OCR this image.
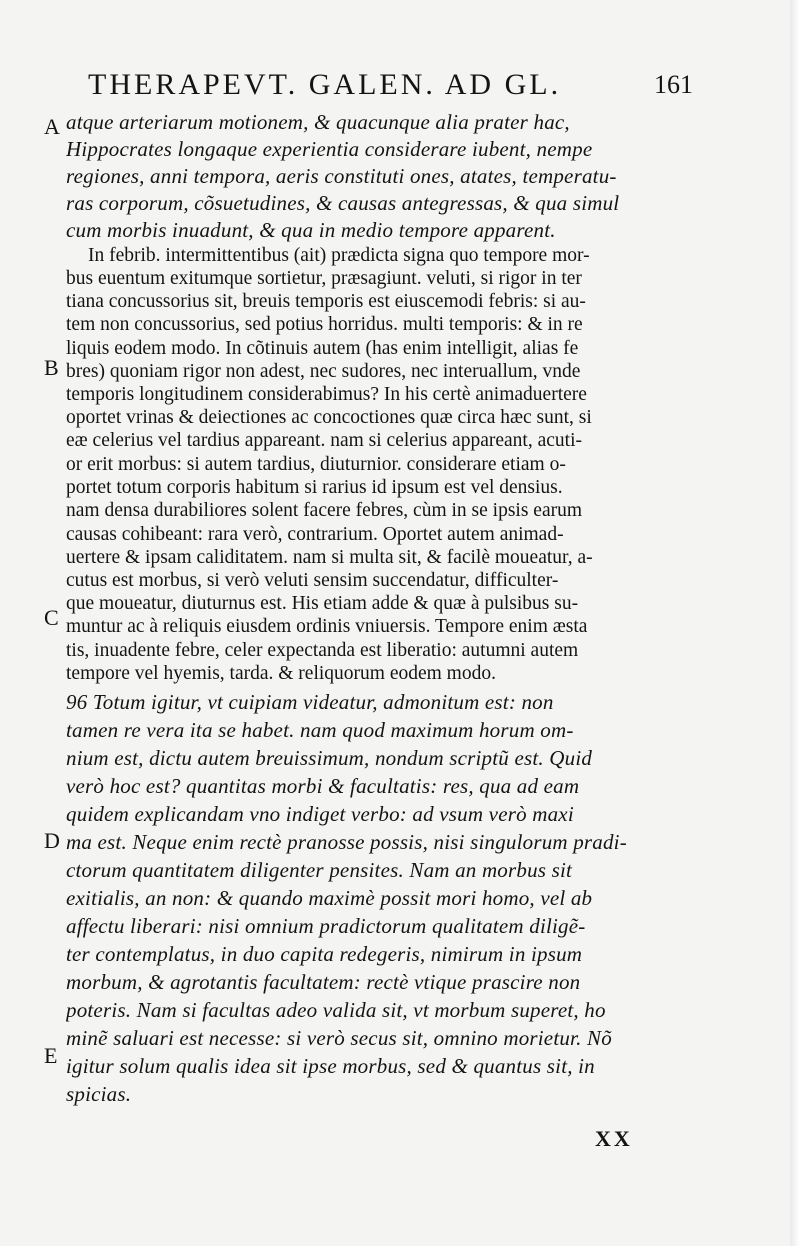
THERAPEVT. GALEN. AD GL.	161
A
B
C
D
E
atque arteriarum motionem, & quacunque alia prater hac,
Hippocrates longaque experientia considerare iubent, nempe
regiones, anni tempora, aeris constituti ones, atates, temperatu-
ras corporum, cõsuetudines, & causas antegressas, & qua simul
cum morbis inuadunt, & qua in medio tempore apparent.
In febrib. intermittentibus (ait) prædicta signa quo tempore mor-
bus euentum exitumque sortietur, præsagiunt. veluti, si rigor in ter
tiana concussorius sit, breuis temporis est eiuscemodi febris: si au-
tem non concussorius, sed potius horridus. multi temporis: & in re
liquis eodem modo. In cõtinuis autem (has enim intelligit, alias fe
bres) quoniam rigor non adest, nec sudores, nec interuallum, vnde
temporis longitudinem considerabimus? In his certè animaduertere
oportet vrinas & deiectiones ac concoctiones quæ circa hæc sunt, si
eæ celerius vel tardius appareant. nam si celerius appareant, acuti-
or erit morbus: si autem tardius, diuturnior. considerare etiam o-
portet totum corporis habitum si rarius id ipsum est vel densius.
nam densa durabiliores solent facere febres, cùm in se ipsis earum
causas cohibeant: rara verò, contrarium. Oportet autem animad-
uertere & ipsam caliditatem. nam si multa sit, & facilè moueatur, a-
cutus est morbus, si verò veluti sensim succendatur, difficulter-
que moueatur, diuturnus est. His etiam adde & quæ à pulsibus su-
muntur ac à reliquis eiusdem ordinis vniuersis. Tempore enim æsta
tis, inuadente febre, celer expectanda est liberatio: autumni autem
tempore vel hyemis, tarda. & reliquorum eodem modo.
96 Totum igitur, vt cuipiam videatur, admonitum est: non
tamen re vera ita se habet. nam quod maximum horum om-
nium est, dictu autem breuissimum, nondum scriptũ est. Quid
verò hoc est? quantitas morbi & facultatis: res, qua ad eam
quidem explicandam vno indiget verbo: ad vsum verò maxi
ma est. Neque enim rectè pranosse possis, nisi singulorum pradi-
ctorum quantitatem diligenter pensites. Nam an morbus sit
exitialis, an non: & quando maximè possit mori homo, vel ab
affectu liberari: nisi omnium pradictorum qualitatem diligẽ-
ter contemplatus, in duo capita redegeris, nimirum in ipsum
morbum, & agrotantis facultatem: rectè vtique prascire non
poteris. Nam si facultas adeo valida sit, vt morbum superet, ho
minẽ saluari est necesse: si verò secus sit, omnino morietur. Nõ
igitur solum qualis idea sit ipse morbus, sed & quantus sit, in
spicias.
XX
